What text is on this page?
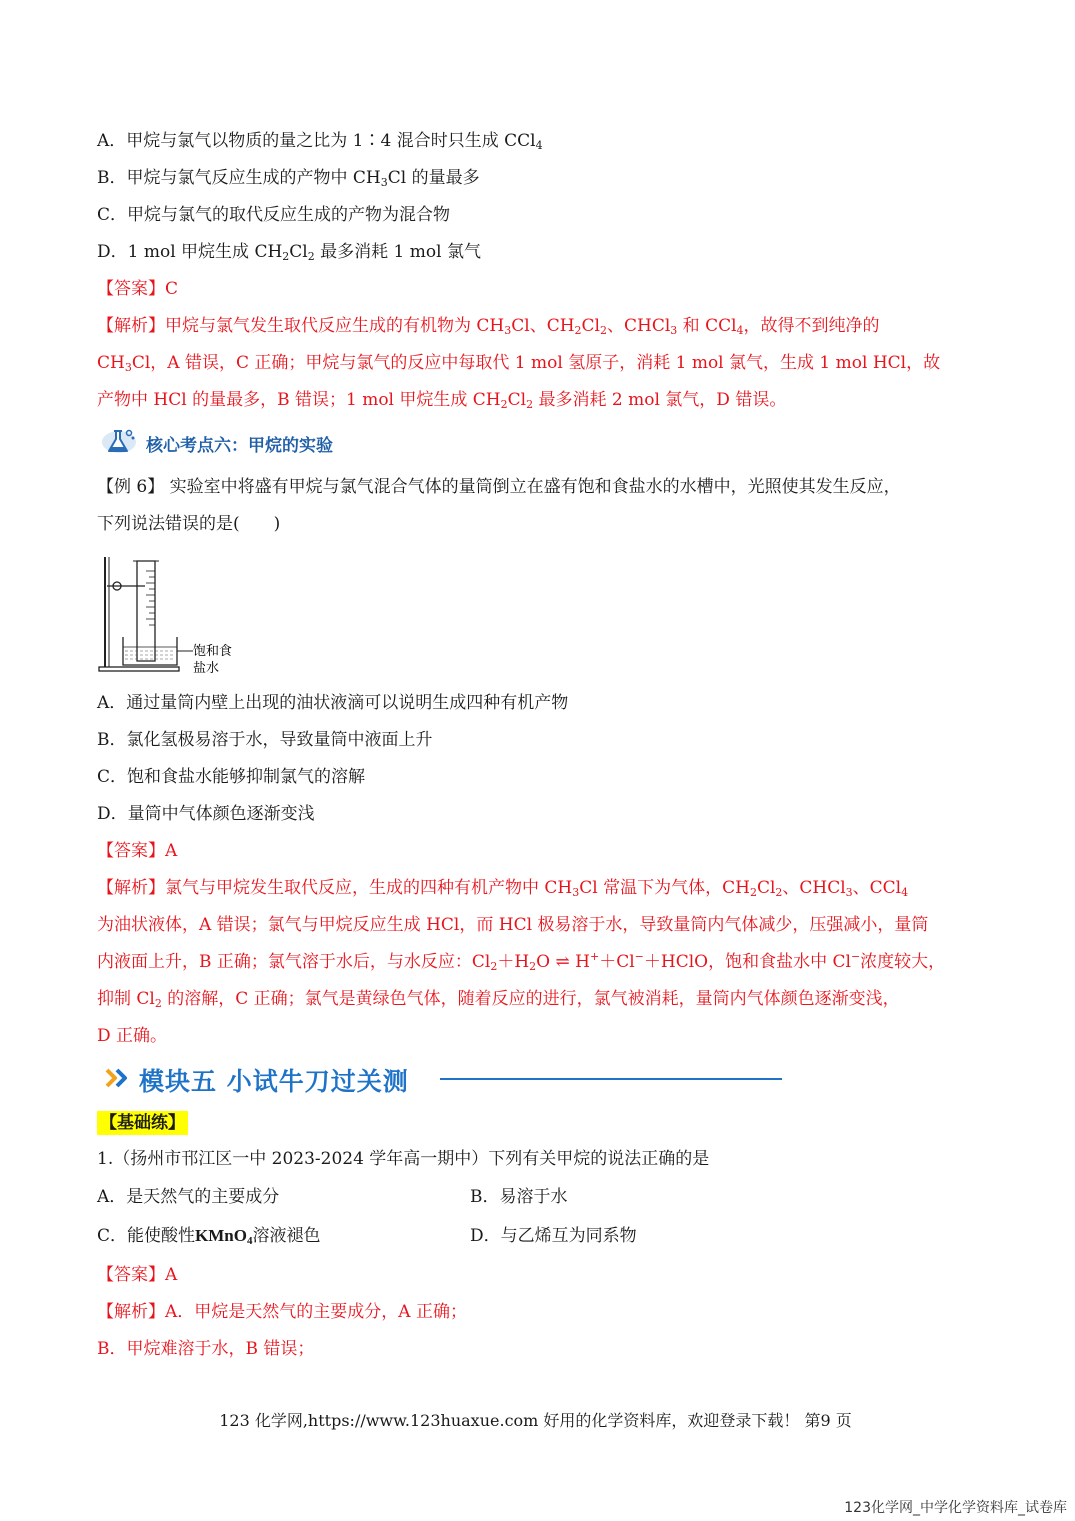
A．甲烷与氯气以物质的量之比为 1∶4 混合时只生成 CCl$_4$
B．甲烷与氯气反应生成的产物中 $CH_3Cl$ 的量最多
C．甲烷与氯气的取代反应生成的产物为混合物
D．1 mol 甲烷生成 $CH_2Cl_2$ 最多消耗 1 mol 氯气
【答案】C
【解析】甲烷与氯气发生取代反应生成的有机物为 $CH_3Cl$、$CH_2Cl_2$、CHCl$_3$ 和 CCl$_4$，故得不到纯净的
$CH_3Cl$，A 错误，C 正确；甲烷与氯气的反应中每取代 1 mol 氢原子，消耗 1 mol 氯气，生成 1 mol HCl，故
产物中 HCl 的量最多，B 错误；1 mol 甲烷生成 $CH_2Cl_2$ 最多消耗 2 mol 氯气，D 错误。
核心考点六：甲烷的实验
【例 6】 实验室中将盛有甲烷与氯气混合气体的量筒倒立在盛有饱和食盐水的水槽中，光照使其发生反应，
下列说法错误的是(　　)
饱和食
盐水
A．通过量筒内壁上出现的油状液滴可以说明生成四种有机产物
B．氯化氢极易溶于水，导致量筒中液面上升
C．饱和食盐水能够抑制氯气的溶解
D．量筒中气体颜色逐渐变浅
【答案】A
【解析】氯气与甲烷发生取代反应，生成的四种有机产物中 $CH_3Cl$ 常温下为气体，$CH_2Cl_2$、CHCl$_3$、CCl$_4$
为油状液体，A 错误；氯气与甲烷反应生成 HCl，而 HCl 极易溶于水，导致量筒内气体减少，压强减小，量筒
内液面上升，B 正确；氯气溶于水后，与水反应：$Cl_2+H_2O$ ⇌ H+＋Cl−＋HClO，饱和食盐水中 Cl−浓度较大，
抑制 $Cl_2$ 的溶解，C 正确；氯气是黄绿色气体，随着反应的进行，氯气被消耗，量筒内气体颜色逐渐变浅，
D 正确。
模块五 小试牛刀过关测
【基础练】
1.（扬州市邗江区一中 2023-2024 学年高一期中）下列有关甲烷的说法正确的是
A．是天然气的主要成分	B．易溶于水
C．能使酸性KMnO$_4$溶液褪色	D．与乙烯互为同系物
【答案】A
【解析】A．甲烷是天然气的主要成分，A 正确；
B．甲烷难溶于水，B 错误；
123 化学网,https://www.123huaxue.com 好用的化学资料库，欢迎登录下载！ 第9 页
123化学网_中学化学资料库_试卷库
